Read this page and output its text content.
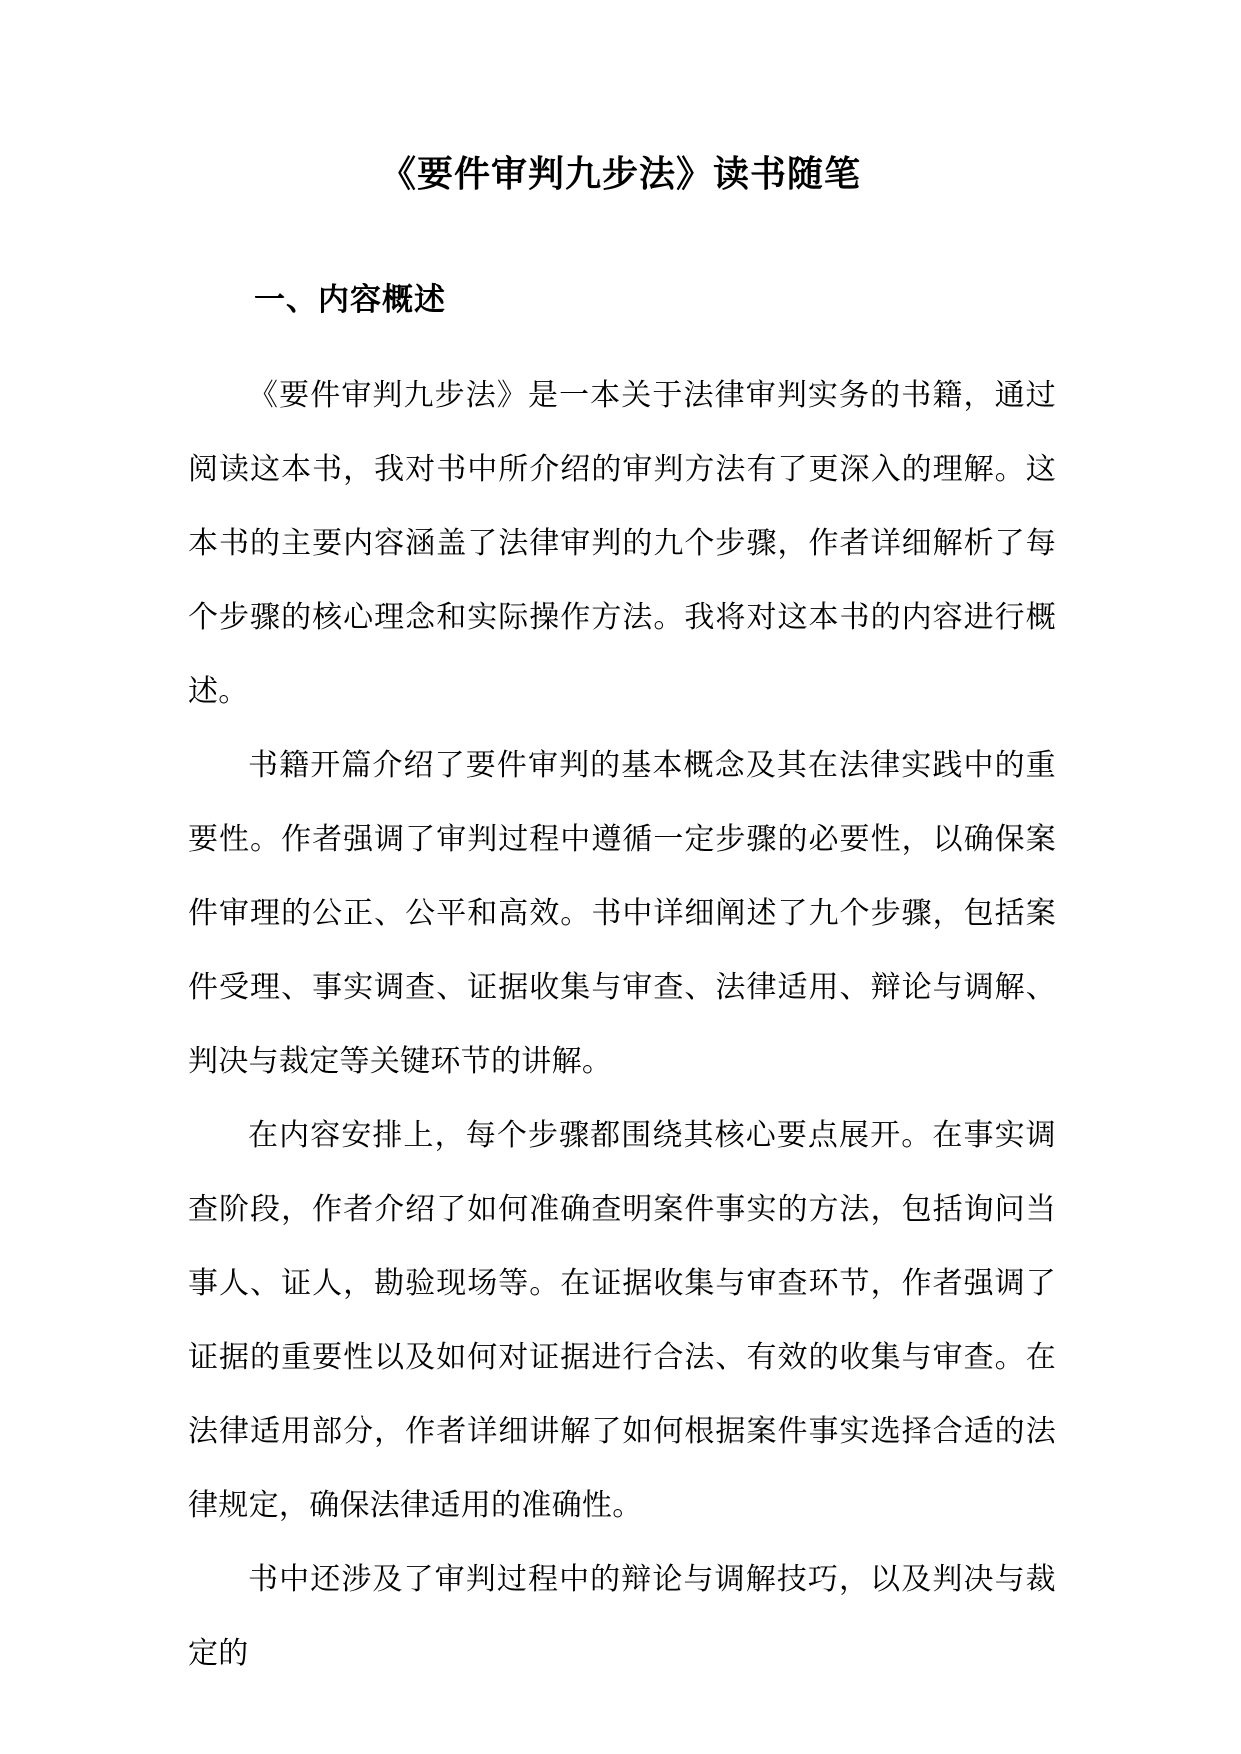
《要件审判九步法》读书随笔
一、内容概述

《要件审判九步法》是一本关于法律审判实务的书籍，通过阅读这本书，我对书中所介绍的审判方法有了更深入的理解。这本书的主要内容涵盖了法律审判的九个步骤，作者详细解析了每个步骤的核心理念和实际操作方法。我将对这本书的内容进行概述。

书籍开篇介绍了要件审判的基本概念及其在法律实践中的重要性。作者强调了审判过程中遵循一定步骤的必要性，以确保案件审理的公正、公平和高效。书中详细阐述了九个步骤，包括案件受理、事实调查、证据收集与审查、法律适用、辩论与调解、判决与裁定等关键环节的讲解。

在内容安排上，每个步骤都围绕其核心要点展开。在事实调查阶段，作者介绍了如何准确查明案件事实的方法，包括询问当事人、证人，勘验现场等。在证据收集与审查环节，作者强调了证据的重要性以及如何对证据进行合法、有效的收集与审查。在法律适用部分，作者详细讲解了如何根据案件事实选择合适的法律规定，确保法律适用的准确性。

书中还涉及了审判过程中的辩论与调解技巧，以及判决与裁定的
